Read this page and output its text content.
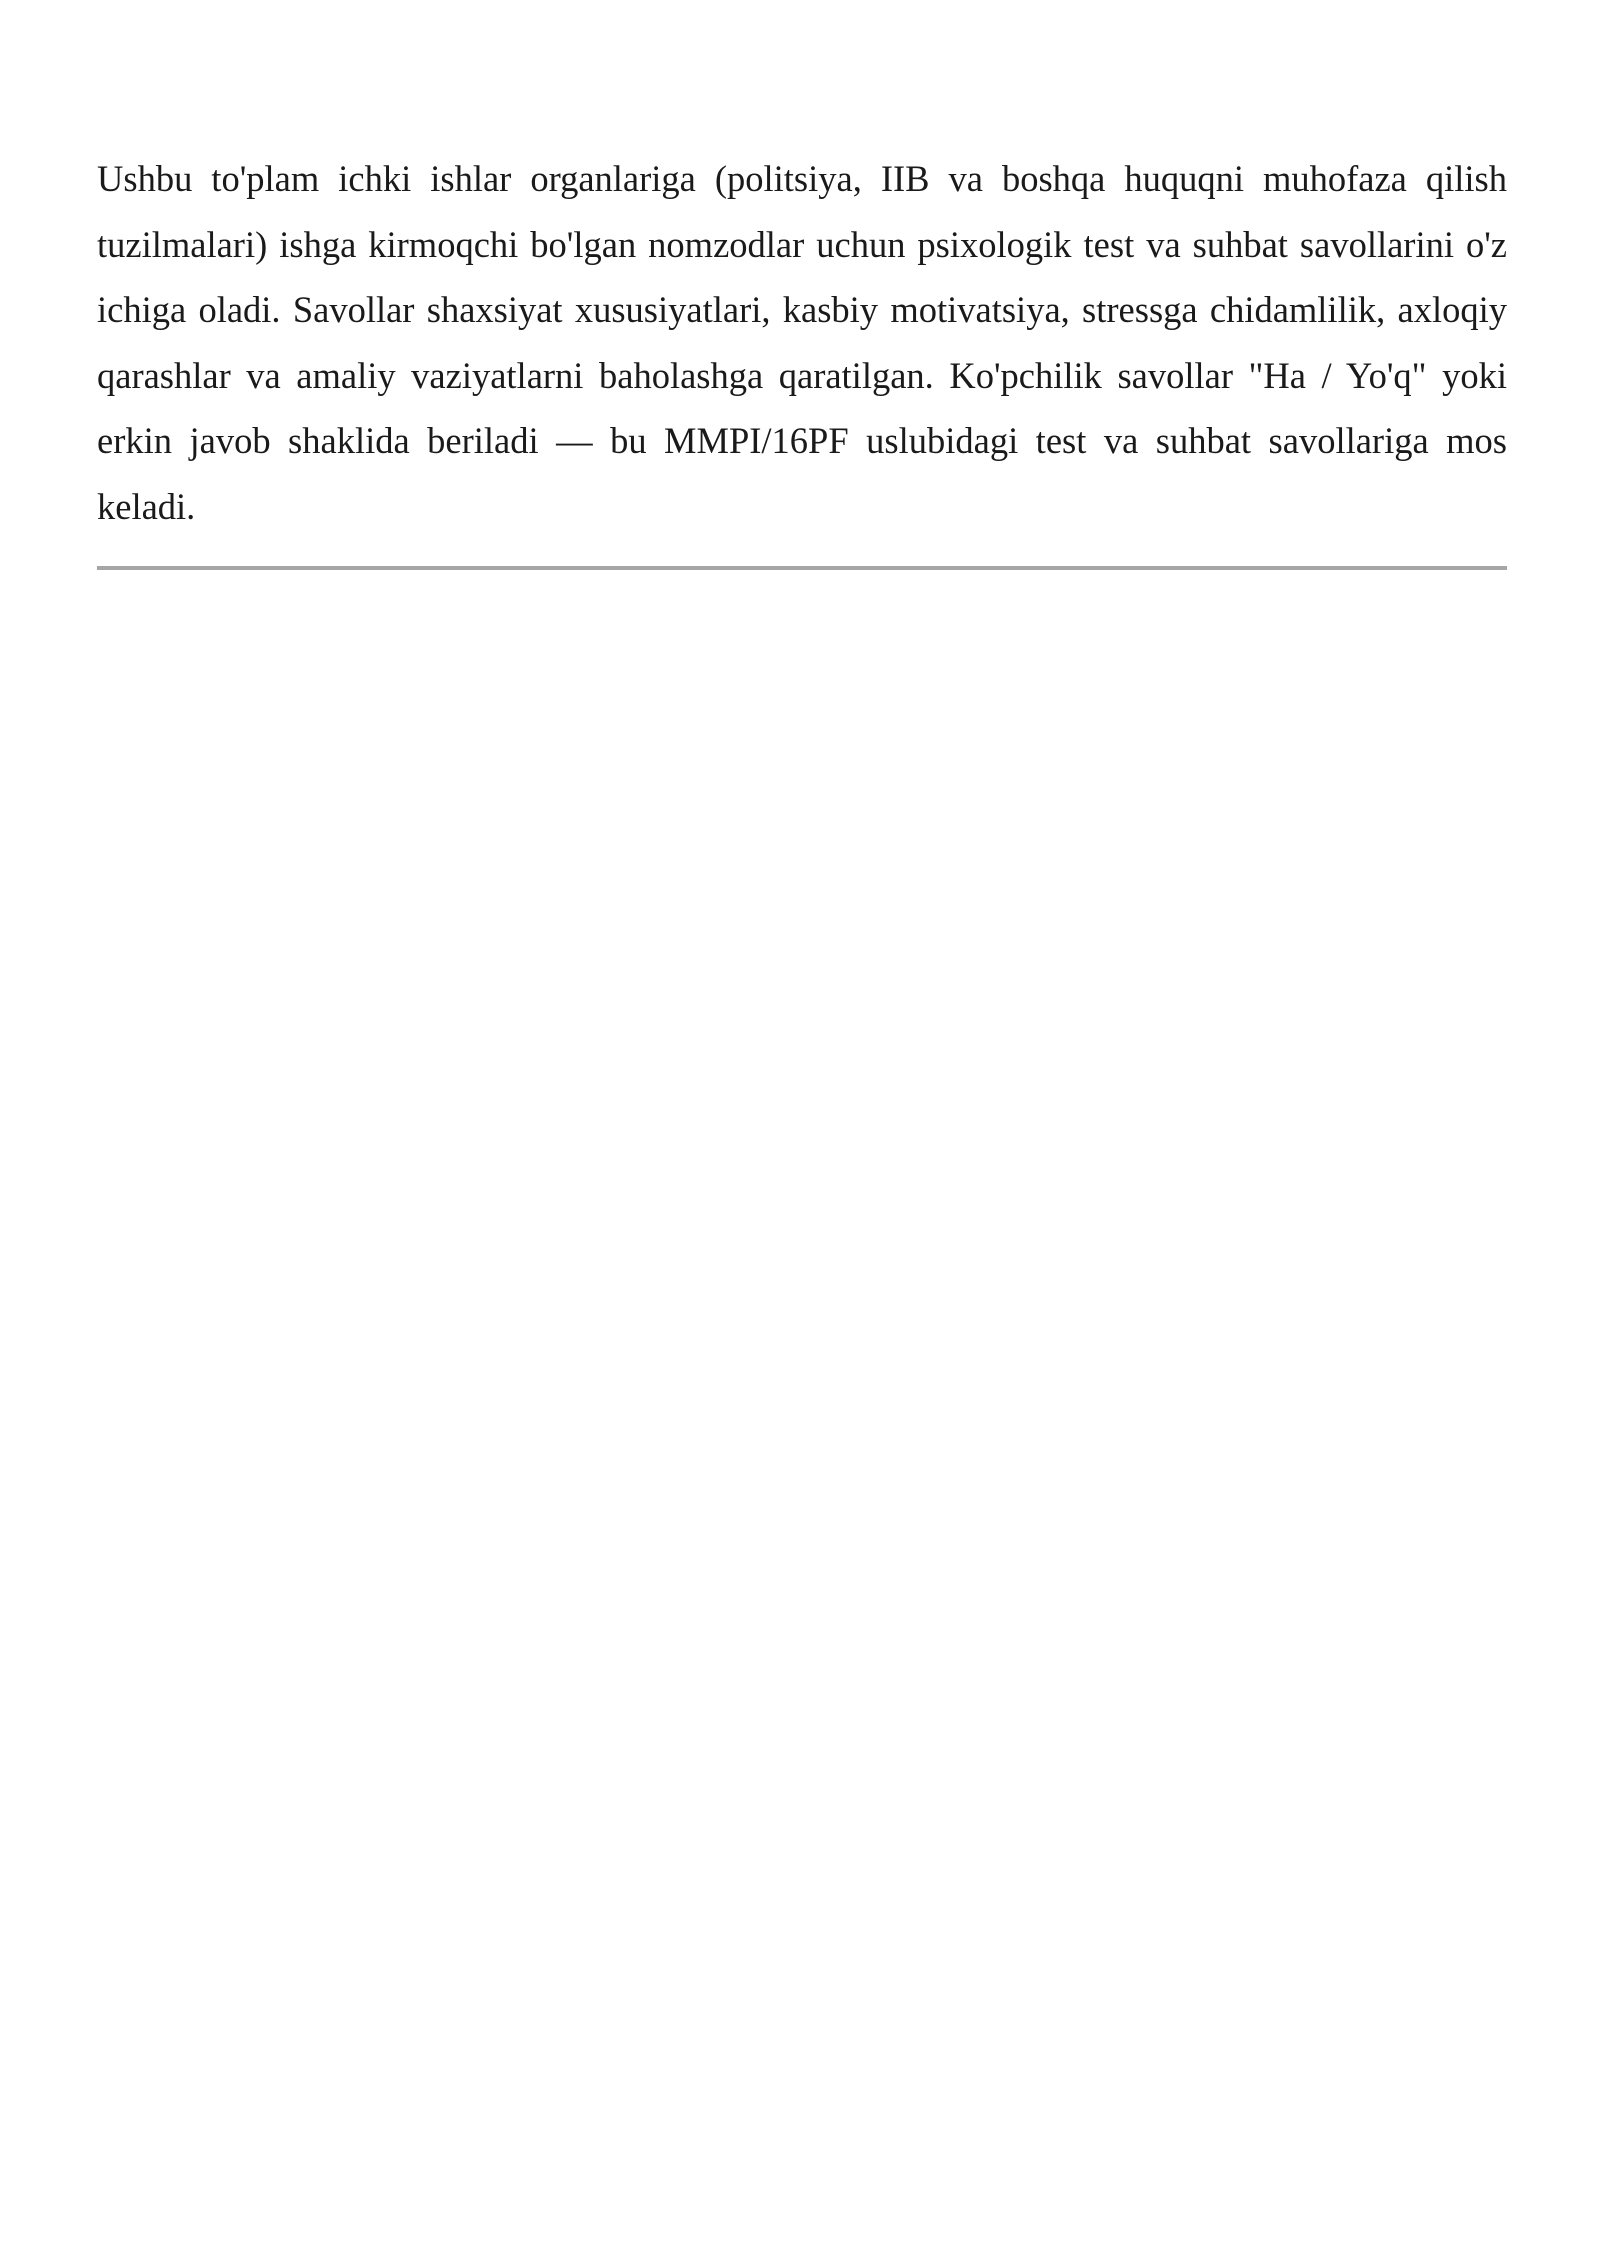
Ushbu to'plam ichki ishlar organlariga (politsiya, IIB va boshqa huquqni muhofaza qilish tuzilmalari) ishga kirmoqchi bo'lgan nomzodlar uchun psixologik test va suhbat savollarini o'z ichiga oladi. Savollar shaxsiyat xususiyatlari, kasbiy motivatsiya, stressga chidamlilik, axloqiy qarashlar va amaliy vaziyatlarni baholashga qaratilgan. Ko'pchilik savollar "Ha / Yo'q" yoki erkin javob shaklida beriladi — bu MMPI/16PF uslubidagi test va suhbat savollariga mos keladi.
